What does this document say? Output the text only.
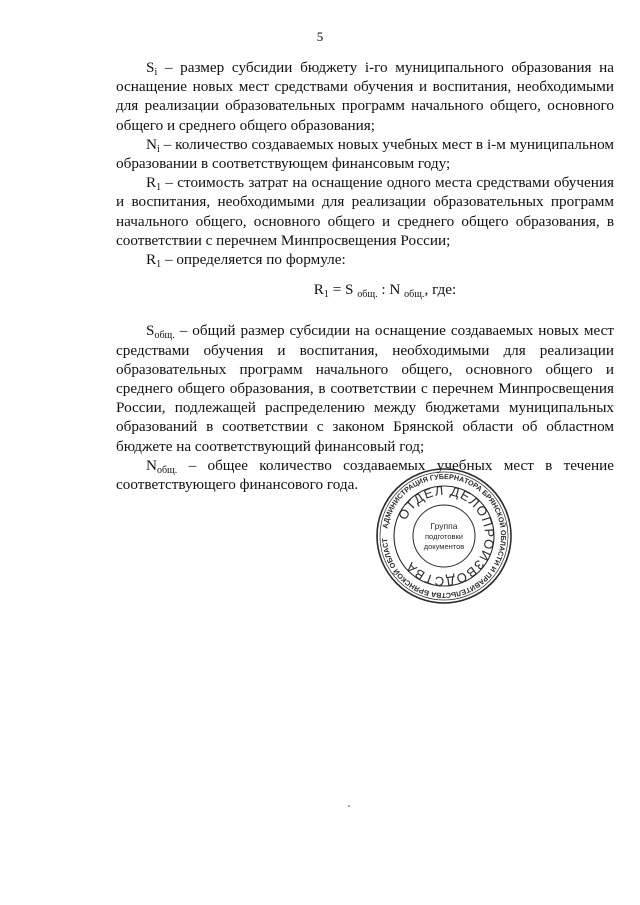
5

$S_i$ – размер субсидии бюджету i-го муниципального образования на оснащение новых мест средствами обучения и воспитания, необходимыми для реализации образовательных программ начального общего, основного общего и среднего общего образования;

$N_i$ – количество создаваемых новых учебных мест в i-м муниципальном образовании в соответствующем финансовым году;

$R_1$ – стоимость затрат на оснащение одного места средствами обучения и воспитания, необходимыми для реализации образовательных программ начального общего, основного общего и среднего общего образования, в соответствии с перечнем Минпросвещения России;

$R_1$ – определяется по формуле:

$R_1 = S$ $_{общ.}$ : N $_{общ.}$, где:

$S_{общ.}$ – общий размер субсидии на оснащение создаваемых новых мест средствами обучения и воспитания, необходимыми для реализации образовательных программ начального общего, основного общего и среднего общего образования, в соответствии с перечнем Минпросвещения России, подлежащей распределению между бюджетами муниципальных образований в соответствии с законом Брянской области об областном бюджете на соответствующий финансовый год;

$N_{общ.}$ – общее количество создаваемых учебных мест в течение соответствующего финансового года.

АДМИНИСТРАЦИЯ ГУБЕРНАТОРА БРЯНСКОЙ ОБЛАСТИ И ПРАВИТЕЛЬСТВА БРЯНСКОЙ ОБЛАСТ
ОТДЕЛ ДЕЛОПРОИЗВОДСТВА
Группа
подготовки
документов
